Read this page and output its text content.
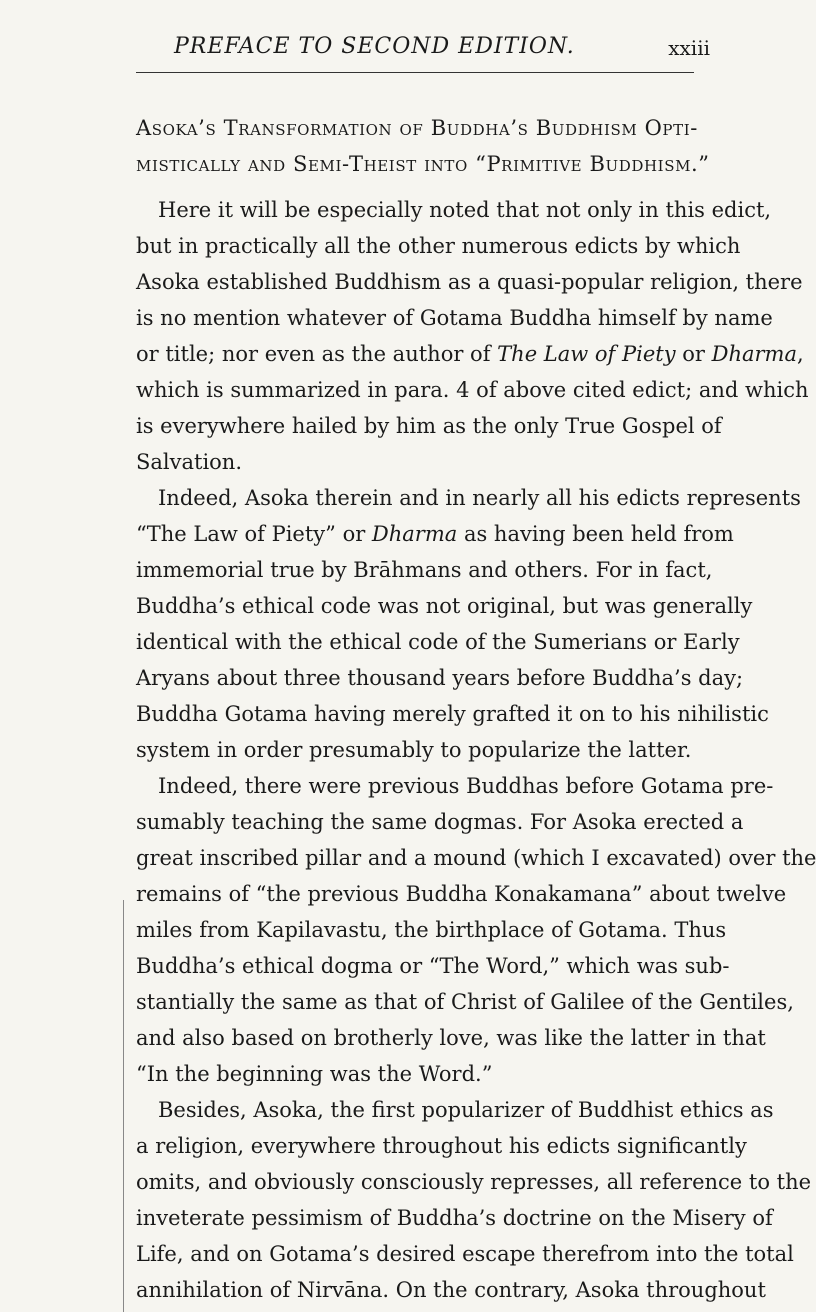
PREFACE TO SECOND EDITION.	xxiii
Asoka’s Transformation of Buddha’s Buddhism Opti-
mistically and Semi-Theist into “Primitive Buddhism.”

Here it will be especially noted that not only in this edict,
but in practically all the other numerous edicts by which
Asoka established Buddhism as a quasi-popular religion, there
is no mention whatever of Gotama Buddha himself by name
or title; nor even as the author of The Law of Piety or Dharma,
which is summarized in para. 4 of above cited edict; and which
is everywhere hailed by him as the only True Gospel of
Salvation.

Indeed, Asoka therein and in nearly all his edicts represents
“The Law of Piety” or Dharma as having been held from
immemorial true by Brāhmans and others. For in fact,
Buddha’s ethical code was not original, but was generally
identical with the ethical code of the Sumerians or Early
Aryans about three thousand years before Buddha’s day;
Buddha Gotama having merely grafted it on to his nihilistic
system in order presumably to popularize the latter.

Indeed, there were previous Buddhas before Gotama pre-
sumably teaching the same dogmas. For Asoka erected a
great inscribed pillar and a mound (which I excavated) over the
remains of “the previous Buddha Konakamana” about twelve
miles from Kapilavastu, the birthplace of Gotama. Thus
Buddha’s ethical dogma or “The Word,” which was sub-
stantially the same as that of Christ of Galilee of the Gentiles,
and also based on brotherly love, was like the latter in that
“In the beginning was the Word.”

Besides, Asoka, the first popularizer of Buddhist ethics as
a religion, everywhere throughout his edicts significantly
omits, and obviously consciously represses, all reference to the
inveterate pessimism of Buddha’s doctrine on the Misery of
Life, and on Gotama’s desired escape therefrom into the total
annihilation of Nirvāna. On the contrary, Asoka throughout
